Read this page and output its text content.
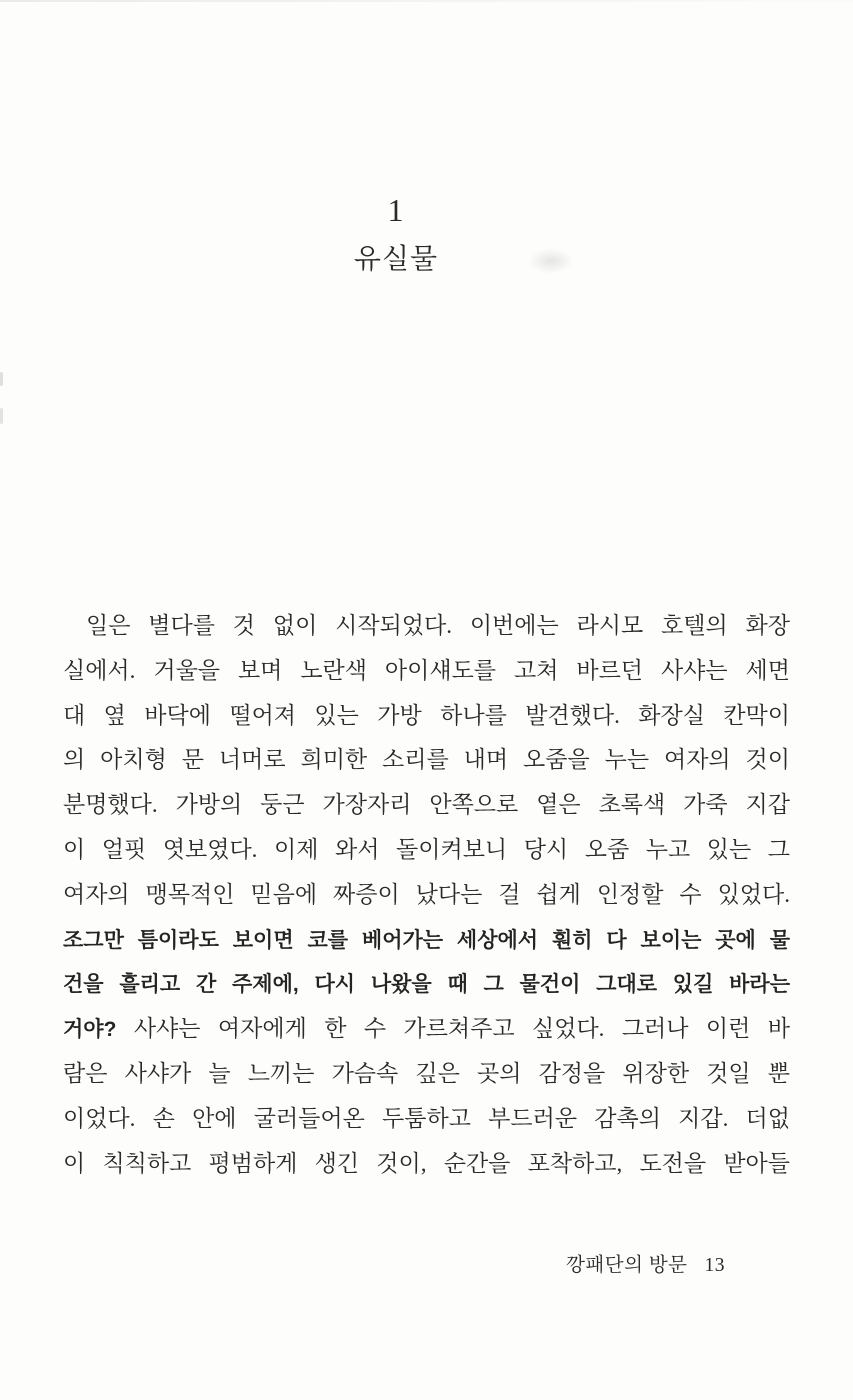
1
유실물
일은 별다를 것 없이 시작되었다. 이번에는 라시모 호텔의 화장
실에서. 거울을 보며 노란색 아이섀도를 고쳐 바르던 사샤는 세면
대 옆 바닥에 떨어져 있는 가방 하나를 발견했다. 화장실 칸막이
의 아치형 문 너머로 희미한 소리를 내며 오줌을 누는 여자의 것이
분명했다. 가방의 둥근 가장자리 안쪽으로 옅은 초록색 가죽 지갑
이 얼핏 엿보였다. 이제 와서 돌이켜보니 당시 오줌 누고 있는 그
여자의 맹목적인 믿음에 짜증이 났다는 걸 쉽게 인정할 수 있었다.
조그만 틈이라도 보이면 코를 베어가는 세상에서 훤히 다 보이는 곳에 물
건을 흘리고 간 주제에, 다시 나왔을 때 그 물건이 그대로 있길 바라는
거야? 사샤는 여자에게 한 수 가르쳐주고 싶었다. 그러나 이런 바
람은 사샤가 늘 느끼는 가슴속 깊은 곳의 감정을 위장한 것일 뿐
이었다. 손 안에 굴러들어온 두툼하고 부드러운 감촉의 지갑. 더없
이 칙칙하고 평범하게 생긴 것이, 순간을 포착하고, 도전을 받아들
깡패단의 방문 13
